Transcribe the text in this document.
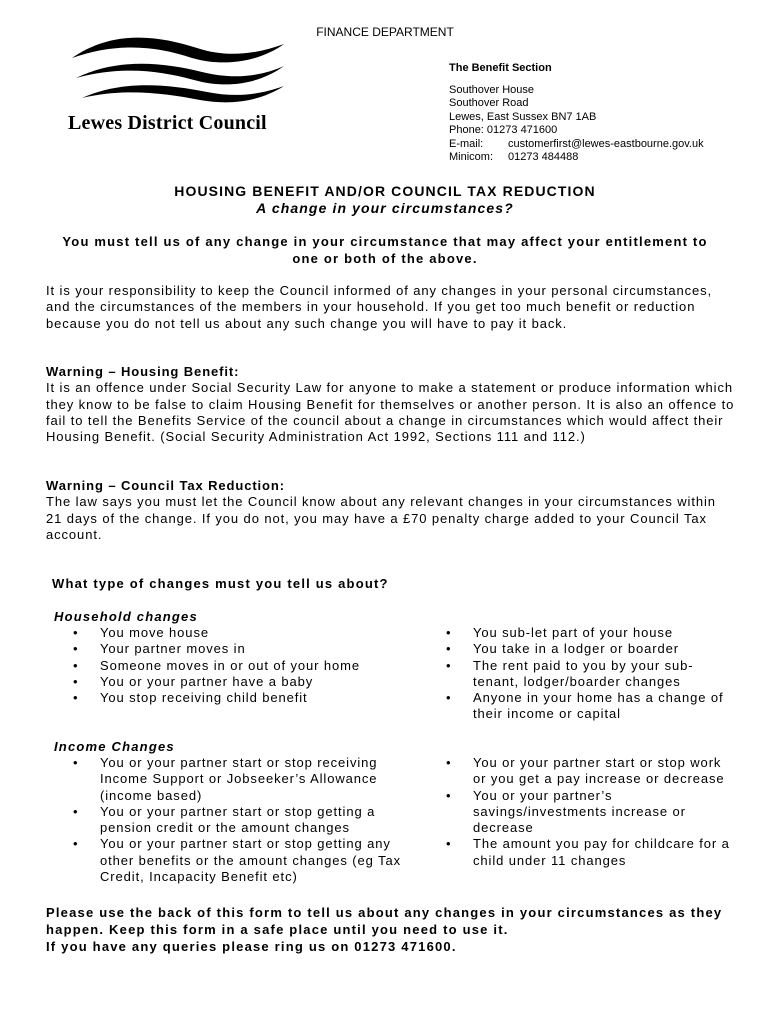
FINANCE DEPARTMENT
Lewes District Council
The Benefit Section
Southover House
Southover Road
Lewes, East Sussex BN7 1AB
Phone: 01273 471600
E-mail: customerfirst@lewes-eastbourne.gov.uk
Minicom: 01273 484488
HOUSING BENEFIT AND/OR COUNCIL TAX REDUCTION
A change in your circumstances?
You must tell us of any change in your circumstance that may affect your entitlement to one or both of the above.
It is your responsibility to keep the Council informed of any changes in your personal circumstances, and the circumstances of the members in your household. If you get too much benefit or reduction because you do not tell us about any such change you will have to pay it back.
Warning – Housing Benefit:
It is an offence under Social Security Law for anyone to make a statement or produce information which they know to be false to claim Housing Benefit for themselves or another person. It is also an offence to fail to tell the Benefits Service of the council about a change in circumstances which would affect their Housing Benefit. (Social Security Administration Act 1992, Sections 111 and 112.)
Warning – Council Tax Reduction:
The law says you must let the Council know about any relevant changes in your circumstances within 21 days of the change. If you do not, you may have a £70 penalty charge added to your Council Tax account.
What type of changes must you tell us about?
Household changes
• You move house
• Your partner moves in
• Someone moves in or out of your home
• You or your partner have a baby
• You stop receiving child benefit
• You sub-let part of your house
• You take in a lodger or boarder
• The rent paid to you by your sub-tenant, lodger/boarder changes
• Anyone in your home has a change of their income or capital
Income Changes
• You or your partner start or stop receiving Income Support or Jobseeker’s Allowance (income based)
• You or your partner start or stop getting a pension credit or the amount changes
• You or your partner start or stop getting any other benefits or the amount changes (eg Tax Credit, Incapacity Benefit etc)
• You or your partner start or stop work or you get a pay increase or decrease
• You or your partner’s savings/investments increase or decrease
• The amount you pay for childcare for a child under 11 changes
Please use the back of this form to tell us about any changes in your circumstances as they happen. Keep this form in a safe place until you need to use it.
If you have any queries please ring us on 01273 471600.
